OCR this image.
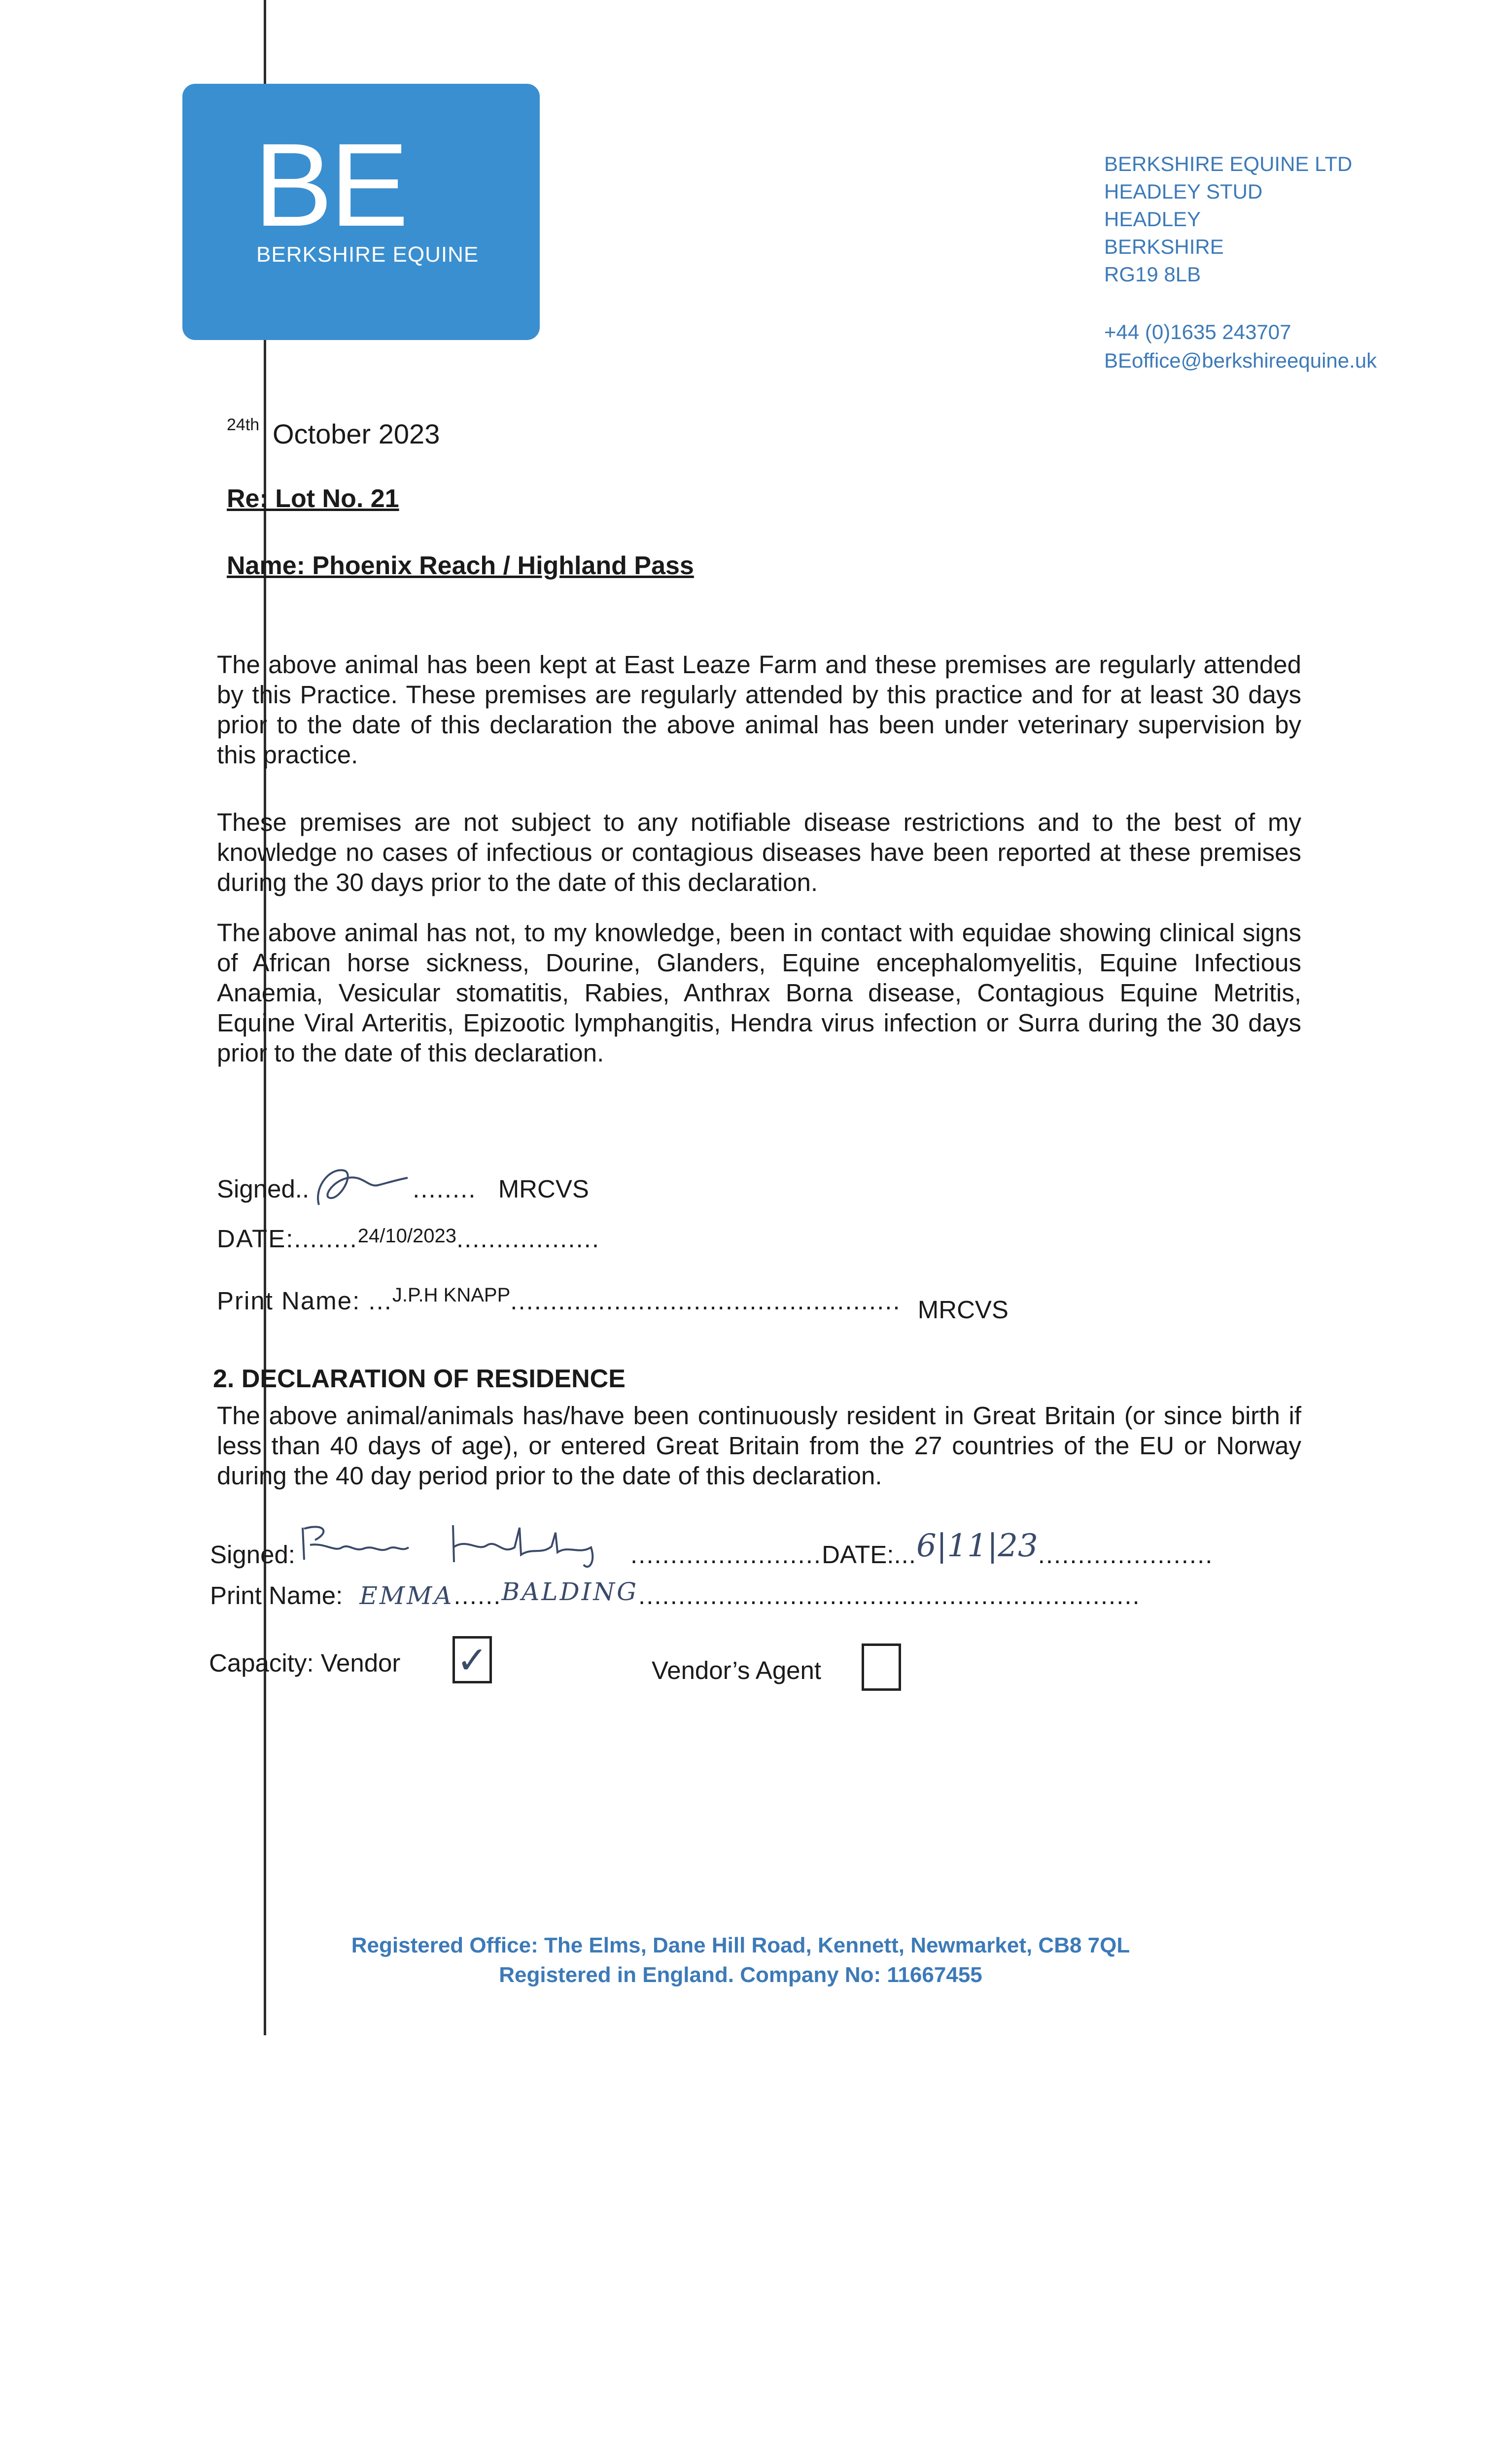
BE
BERKSHIRE EQUINE
BERKSHIRE EQUINE LTD
HEADLEY STUD
HEADLEY
BERKSHIRE
RG19 8LB
+44 (0)1635 243707
BEoffice@berkshireequine.uk
24th October 2023
Re: Lot No. 21
Name: Phoenix Reach / Highland Pass
The above animal has been kept at East Leaze Farm and these premises are regularly attended by this Practice. These premises are regularly attended by this practice and for at least 30 days prior to the date of this declaration the above animal has been under veterinary supervision by this practice.
These premises are not subject to any notifiable disease restrictions and to the best of my knowledge no cases of infectious or contagious diseases have been reported at these premises during the 30 days prior to the date of this declaration.
The above animal has not, to my knowledge, been in contact with equidae showing clinical signs of African horse sickness, Dourine, Glanders, Equine encephalomyelitis, Equine Infectious Anaemia, Vesicular stomatitis, Rabies, Anthrax Borna disease, Contagious Equine Metritis, Equine Viral Arteritis, Epizootic lymphangitis, Hendra virus infection or Surra during the 30 days prior to the date of this declaration.
Signed..	........ MRCVS
DATE:........24/10/2023..................
Print Name: ...$^{J.P.H KNAPP}$................................................. MRCVS
2. DECLARATION OF RESIDENCE
The above animal/animals has/have been continuously resident in Great Britain (or since birth if less than 40 days of age), or entered Great Britain from the 27 countries of the EU or Norway during the 40 day period prior to the date of this declaration.
Signed:	........................DATE:...6|11|23......................
Print Name: EMMA......BALDING...............................................................
Capacity: Vendor ✓	Vendor’s Agent
Registered Office: The Elms, Dane Hill Road, Kennett, Newmarket, CB8 7QL
Registered in England. Company No: 11667455
